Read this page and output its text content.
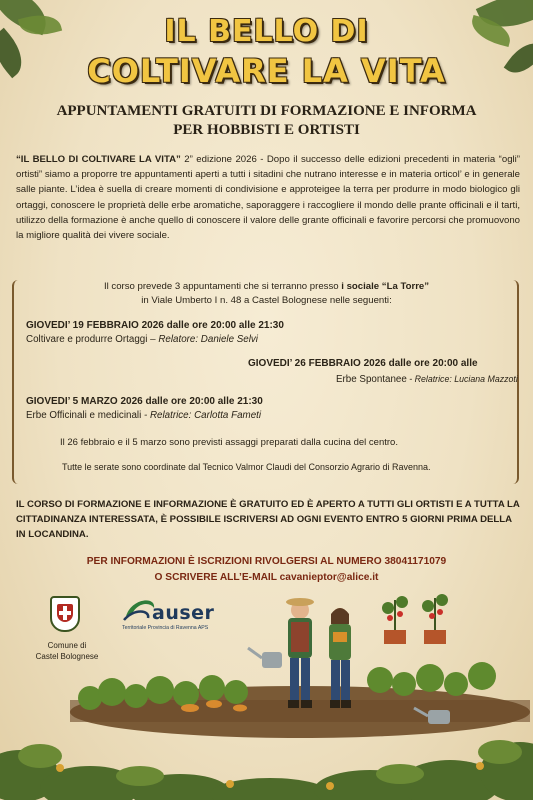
IL BELLO DI
COLTIVARE LA VITA
APPUNTAMENTI GRATUITI DI FORMAZIONE E INFORMA
PER HOBBISTI E ORTISTI
“IL BELLO DI COLTIVARE LA VITA” 2” edizione 2026 - Dopo il successo delle edizioni precedenti in materia “ogli” ortisti” siamo a proporre tre appuntamenti aperti a tutti i sitadini che nutrano interesse e in materia orticol’ e in generale salle piante. L’idea è suella di creare momenti di condivisione e approteigee la terra per produrre in modo biologico gli ortaggi, conoscere le proprietà delle erbe aromatiche, saporaggere i raccogliere il mondo delle prante officinali e il tarti, utilizzo della formazione è anche quello di conoscere il valore delle grante officinali e favorire percorsi che promuovono la migliore qualità dei vivere sociale.
Il corso prevede 3 appuntamenti che si terranno presso i sociale “La Torre”
in Viale Umberto I n. 48 a Castel Bolognese nelle seguenti:
GIOVEDI’ 19 FEBBRAIO 2026 dalle ore 20:00 alle 21:30
Coltivare e produrre Ortaggi – Relatore: Daniele Selvi
GIOVEDI’ 26 FEBBRAIO 2026 dalle ore 20:00 alle
Erbe Spontanee - Relatrice: Luciana Mazzoti
GIOVEDI’ 5 MARZO 2026 dalle ore 20:00 alle 21:30
Erbe Officinali e medicinali - Relatrice: Carlotta Fameti
Il 26 febbraio e il 5 marzo sono previsti assaggi preparati dalla cucina del centro.
Tutte le serate sono coordinate dal Tecnico Valmor Claudi del Consorzio Agrario di Ravenna.
IL CORSO DI FORMAZIONE E INFORMAZIONE È GRATUITO ED È APERTO A TUTTI GLI ORTISTI E A TUTTA LA CITTADINANZA INTERESSATA, È POSSIBILE ISCRIVERSI AD OGNI EVENTO ENTRO 5 GIORNI PRIMA DELLA IN LOCANDINA.
PER INFORMAZIONI È ISCRIZIONI RIVOLGERSI AL NUMERO 38041171079
O SCRIVERE ALL’E-MAIL cavanieptor@alice.it
Comune di
Castel Bolognese
auser
Territoriale Provincia di Ravenna APS
